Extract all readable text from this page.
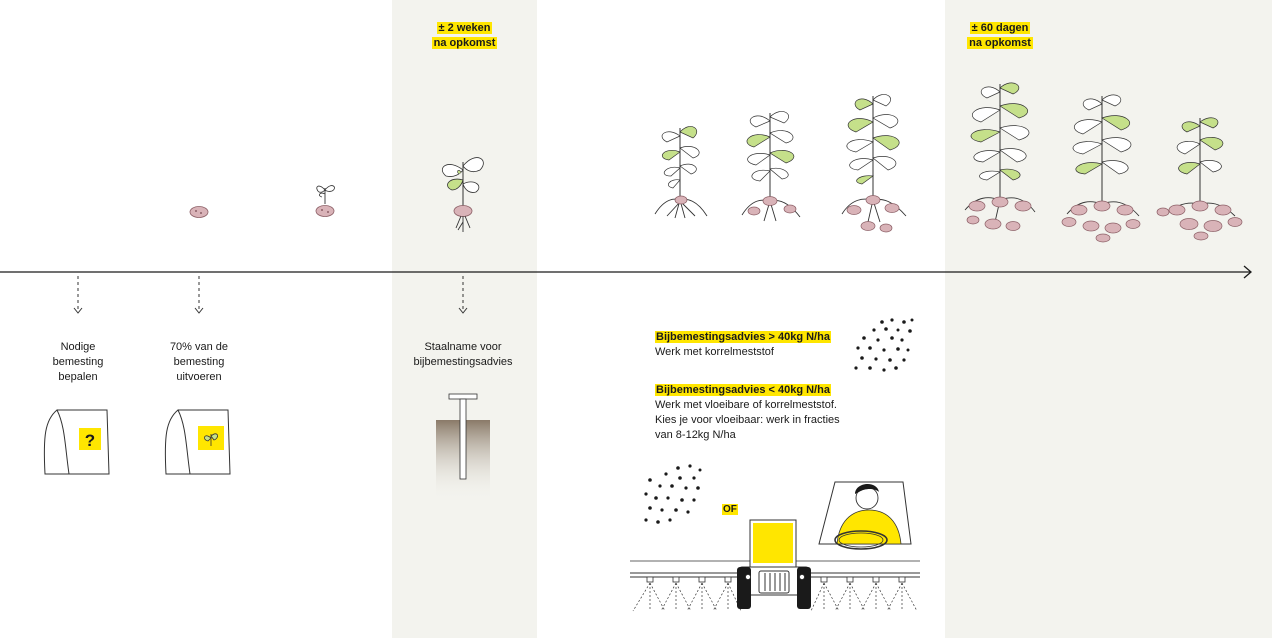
± 2 weken
na opkomst
± 60 dagen
na opkomst
Nodige
bemesting
bepalen
70% van de
bemesting
uitvoeren
Staalname voor
bijbemestingsadvies
?
Bijbemestingsadvies > 40kg N/ha
Werk met korrelmeststof
Bijbemestingsadvies < 40kg N/ha
Werk met vloeibare of korrelmeststof.
Kies je voor vloeibaar: werk in fracties
van 8-12kg N/ha
OF
